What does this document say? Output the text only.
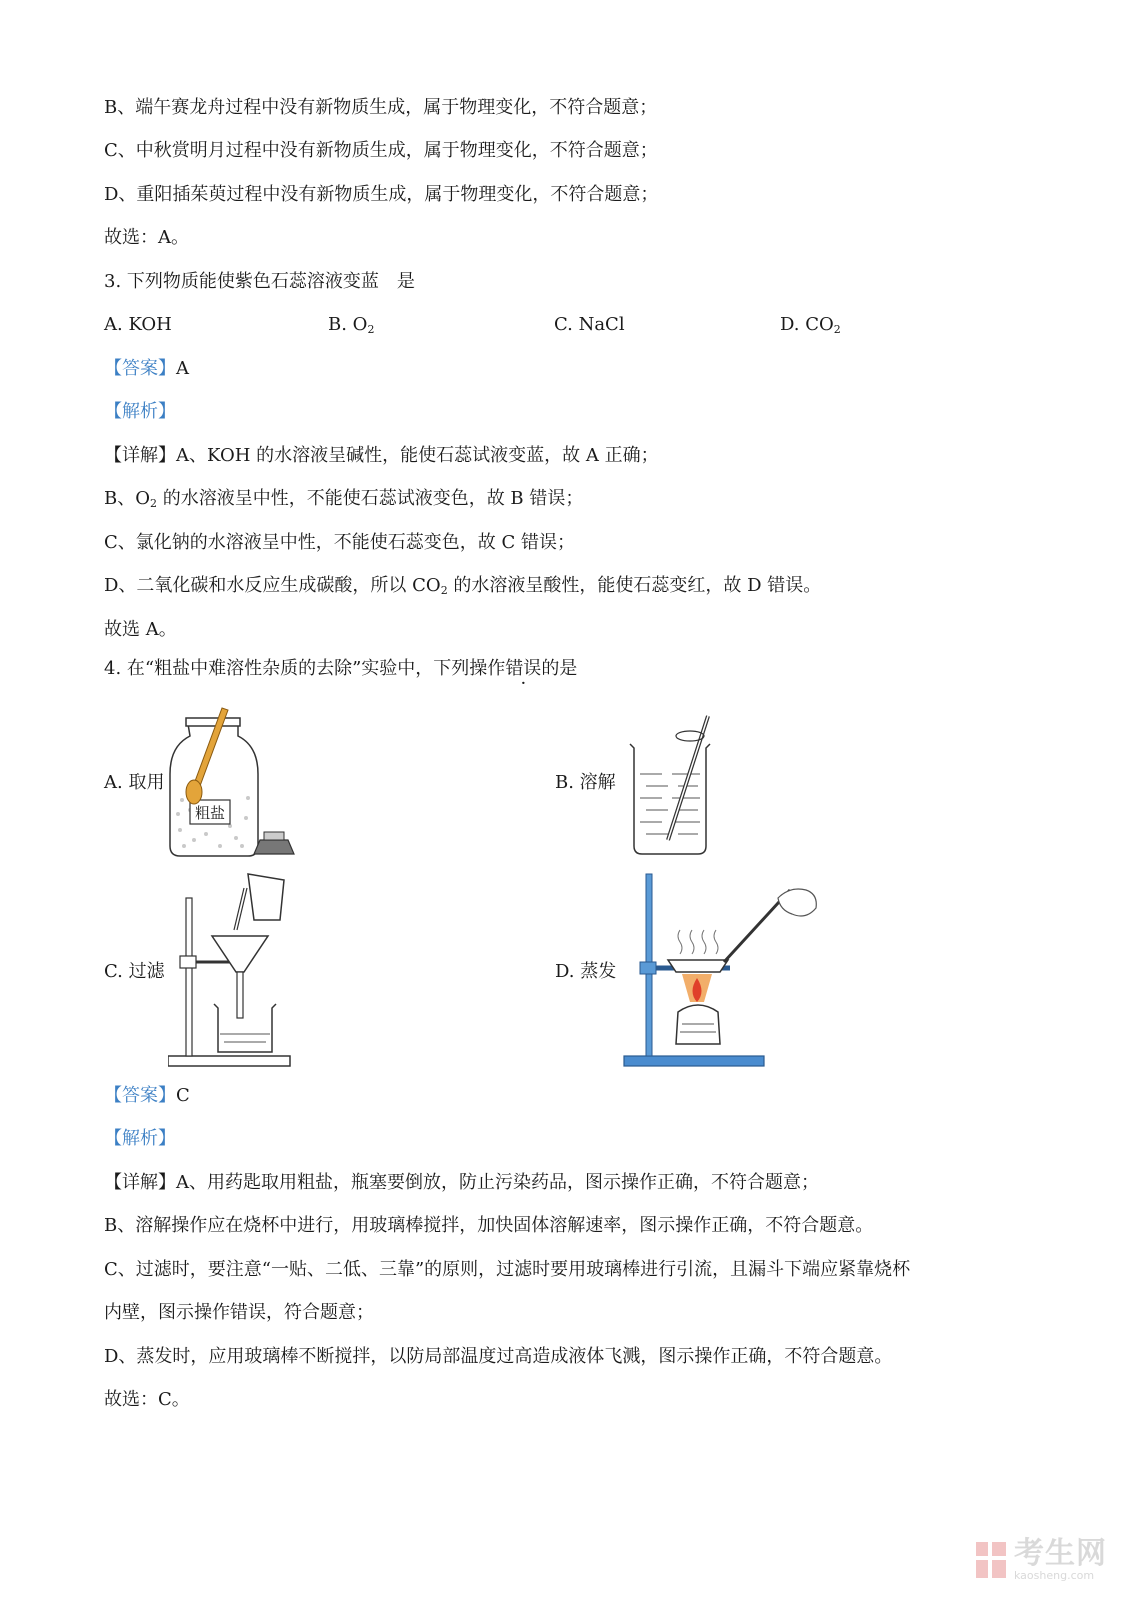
B、端午赛龙舟过程中没有新物质生成，属于物理变化，不符合题意；
C、中秋赏明月过程中没有新物质生成，属于物理变化，不符合题意；
D、重阳插茱萸过程中没有新物质生成，属于物理变化，不符合题意；
故选：A。
3. 下列物质能使紫色石蕊溶液变蓝　是
A. KOH	B. $O_2$	C. NaCl	D. $CO_2$
【答案】A
【解析】
【详解】A、KOH 的水溶液呈碱性，能使石蕊试液变蓝，故 A 正确；
B、$O_2$ 的水溶液呈中性，不能使石蕊试液变色，故 B 错误；
C、氯化钠的水溶液呈中性，不能使石蕊变色，故 C 错误；
D、二氧化碳和水反应生成碳酸，所以 $CO_2$ 的水溶液呈酸性，能使石蕊变红，故 D 错误。
故选 A。
4. 在“粗盐中难溶性杂质的去除”实验中，下列操作错误的是
A. 取用
粗盐
B. 溶解
C. 过滤	D. 蒸发
【答案】C
【解析】
【详解】A、用药匙取用粗盐，瓶塞要倒放，防止污染药品，图示操作正确，不符合题意；
B、溶解操作应在烧杯中进行，用玻璃棒搅拌，加快固体溶解速率，图示操作正确，不符合题意。
C、过滤时，要注意“一贴、二低、三靠”的原则，过滤时要用玻璃棒进行引流，且漏斗下端应紧靠烧杯
内壁，图示操作错误，符合题意；
D、蒸发时，应用玻璃棒不断搅拌，以防局部温度过高造成液体飞溅，图示操作正确，不符合题意。
故选：C。
考生网
kaosheng.com
